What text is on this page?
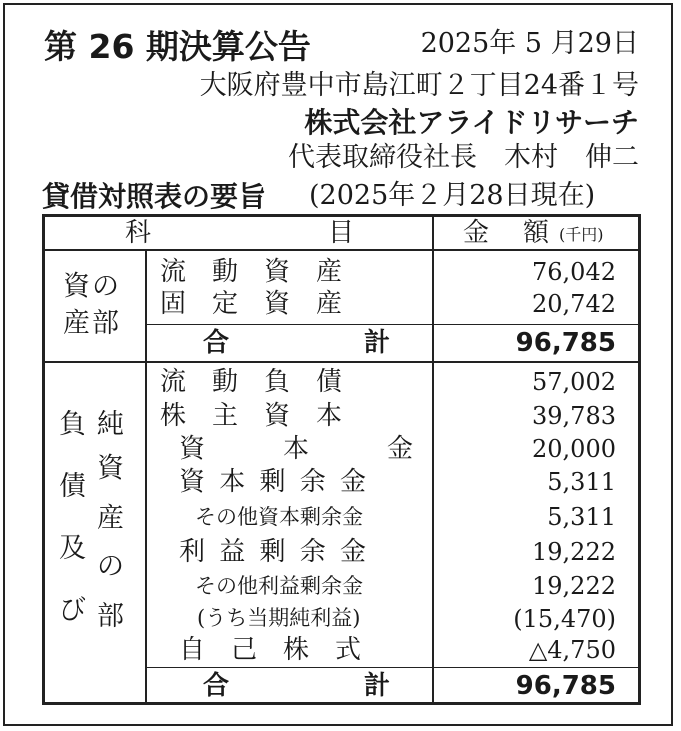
第 26 期決算公告	2025年 5 月29日
大阪府豊中市島江町２丁目24番１号
株式会社アライドリサーチ
代表取締役社長　木村　伸二
貸借対照表の要旨 (2025年２月28日現在)
科	目	金 額 (千円)
資の
産部
流　動　資　産	76,042
固　定　資　産	20,742
合	計	96,785
負
債
及
び
純
資
産
の
部
流　動　負　債	57,002
株　主　資　本	39,783
資　　　本　　　金	20,000
資 本 剰 余 金	5,311
その他資本剰余金	5,311
利 益 剰 余 金	19,222
その他利益剰余金	19,222
(うち当期純利益)	(15,470)
自　己　株　式	△4,750
合	計	96,785
